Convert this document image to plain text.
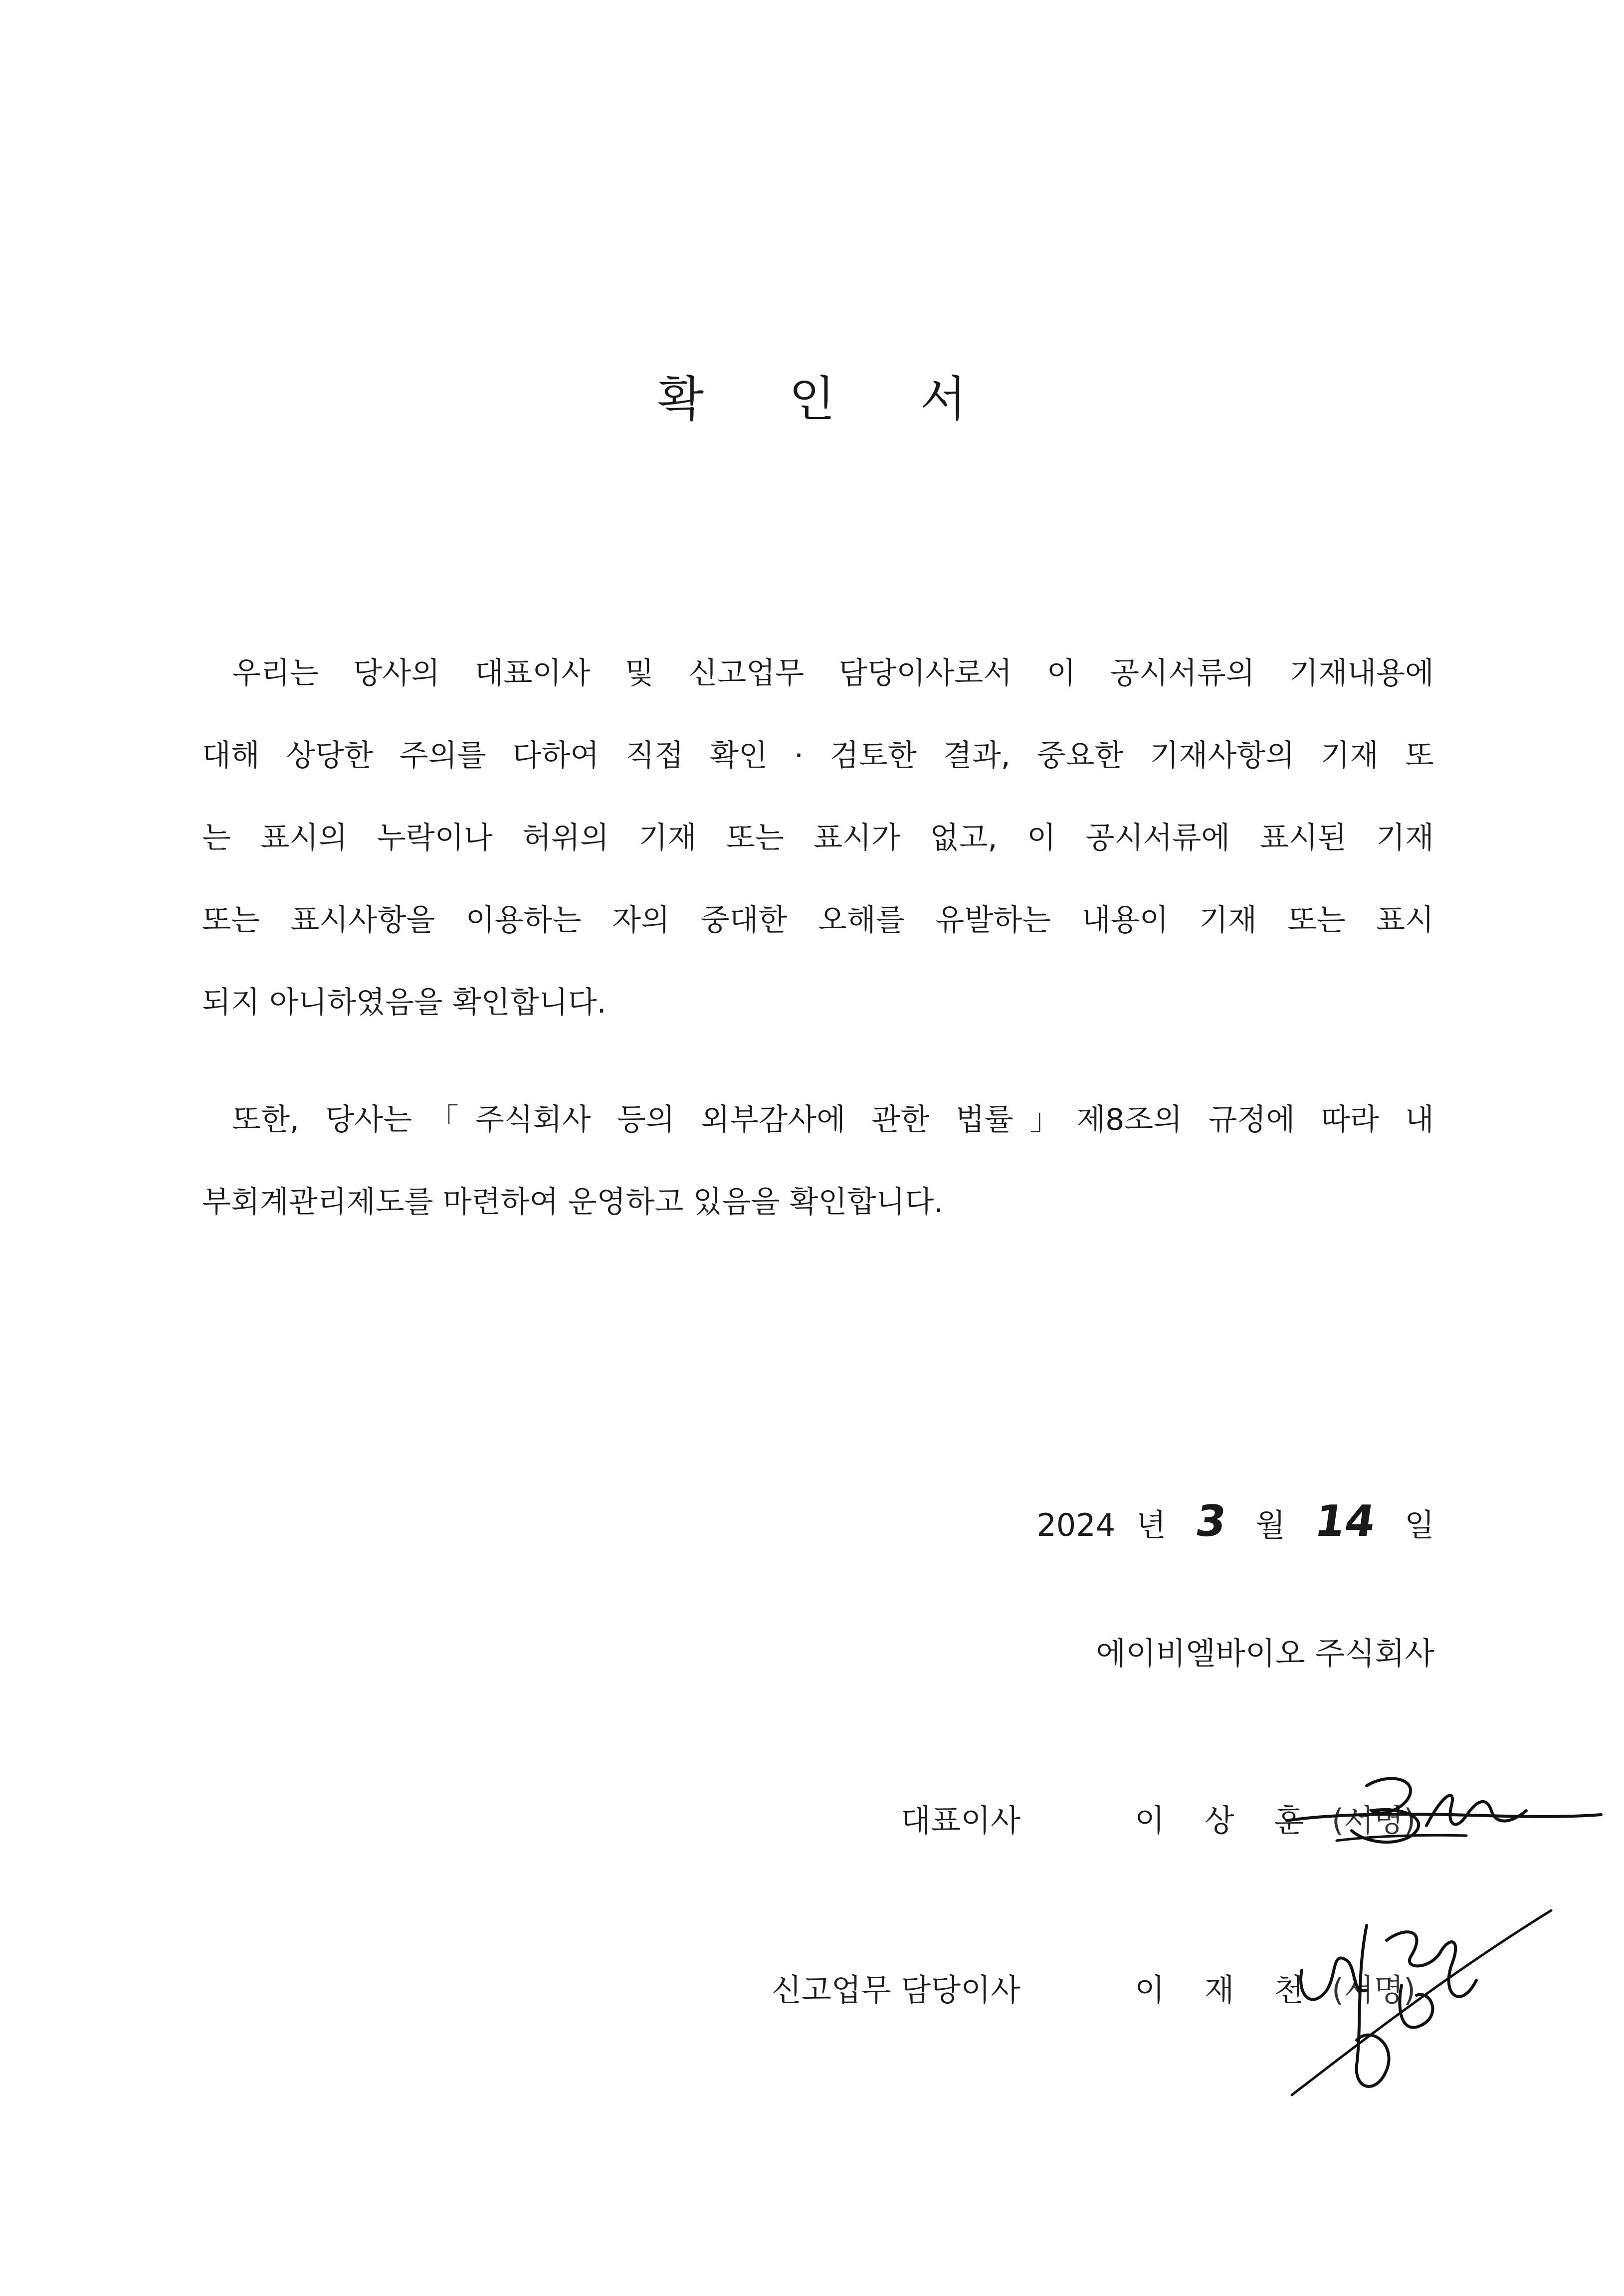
확 인 서
우리는 당사의 대표이사 및 신고업무 담당이사로서 이 공시서류의 기재내용에
대해 상당한 주의를 다하여 직접 확인 · 검토한 결과, 중요한 기재사항의 기재 또
는 표시의 누락이나 허위의 기재 또는 표시가 없고, 이 공시서류에 표시된 기재
또는 표시사항을 이용하는 자의 중대한 오해를 유발하는 내용이 기재 또는 표시
되지 아니하였음을 확인합니다.
또한, 당사는「주식회사 등의 외부감사에 관한 법률」제8조의 규정에 따라 내
부회계관리제도를 마련하여 운영하고 있음을 확인합니다.
2024 년 3 월 14 일
에이비엘바이오 주식회사
대표이사	이 상 훈 (서명)
신고업무 담당이사	이 재 천 (서명)
